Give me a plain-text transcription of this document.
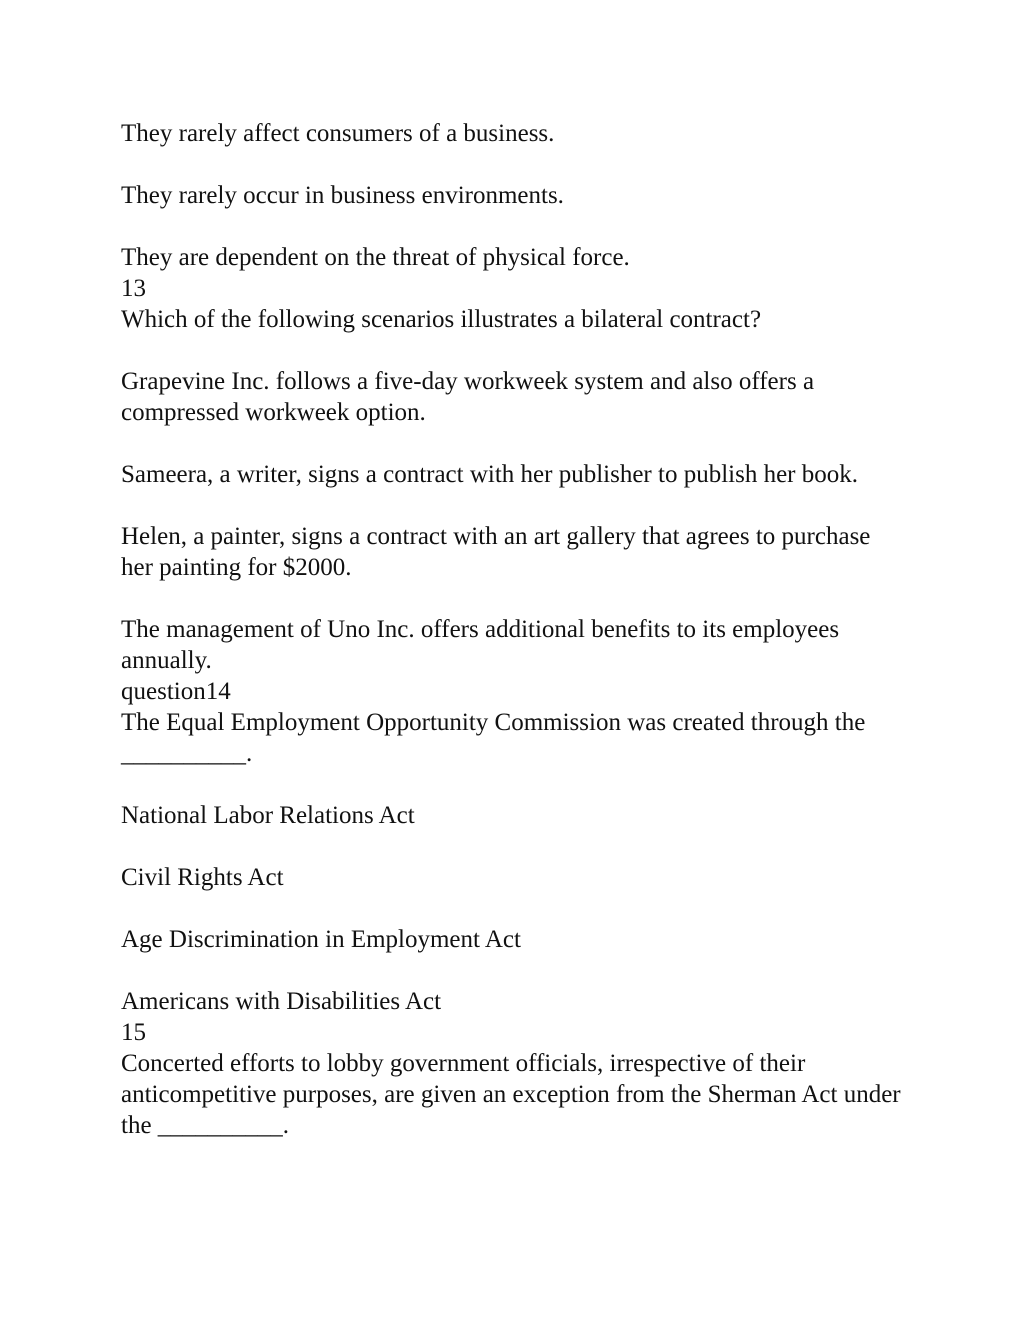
They rarely affect consumers of a business.

They rarely occur in business environments.

They are dependent on the threat of physical force.

13

Which of the following scenarios illustrates a bilateral contract?

Grapevine Inc. follows a five-day workweek system and also offers a compressed workweek option.

Sameera, a writer, signs a contract with her publisher to publish her book.

Helen, a painter, signs a contract with an art gallery that agrees to purchase her painting for $2000.

The management of Uno Inc. offers additional benefits to its employees annually.

question14

The Equal Employment Opportunity Commission was created through the __________.

National Labor Relations Act

Civil Rights Act

Age Discrimination in Employment Act

Americans with Disabilities Act

15

Concerted efforts to lobby government officials, irrespective of their anticompetitive purposes, are given an exception from the Sherman Act under the __________.
